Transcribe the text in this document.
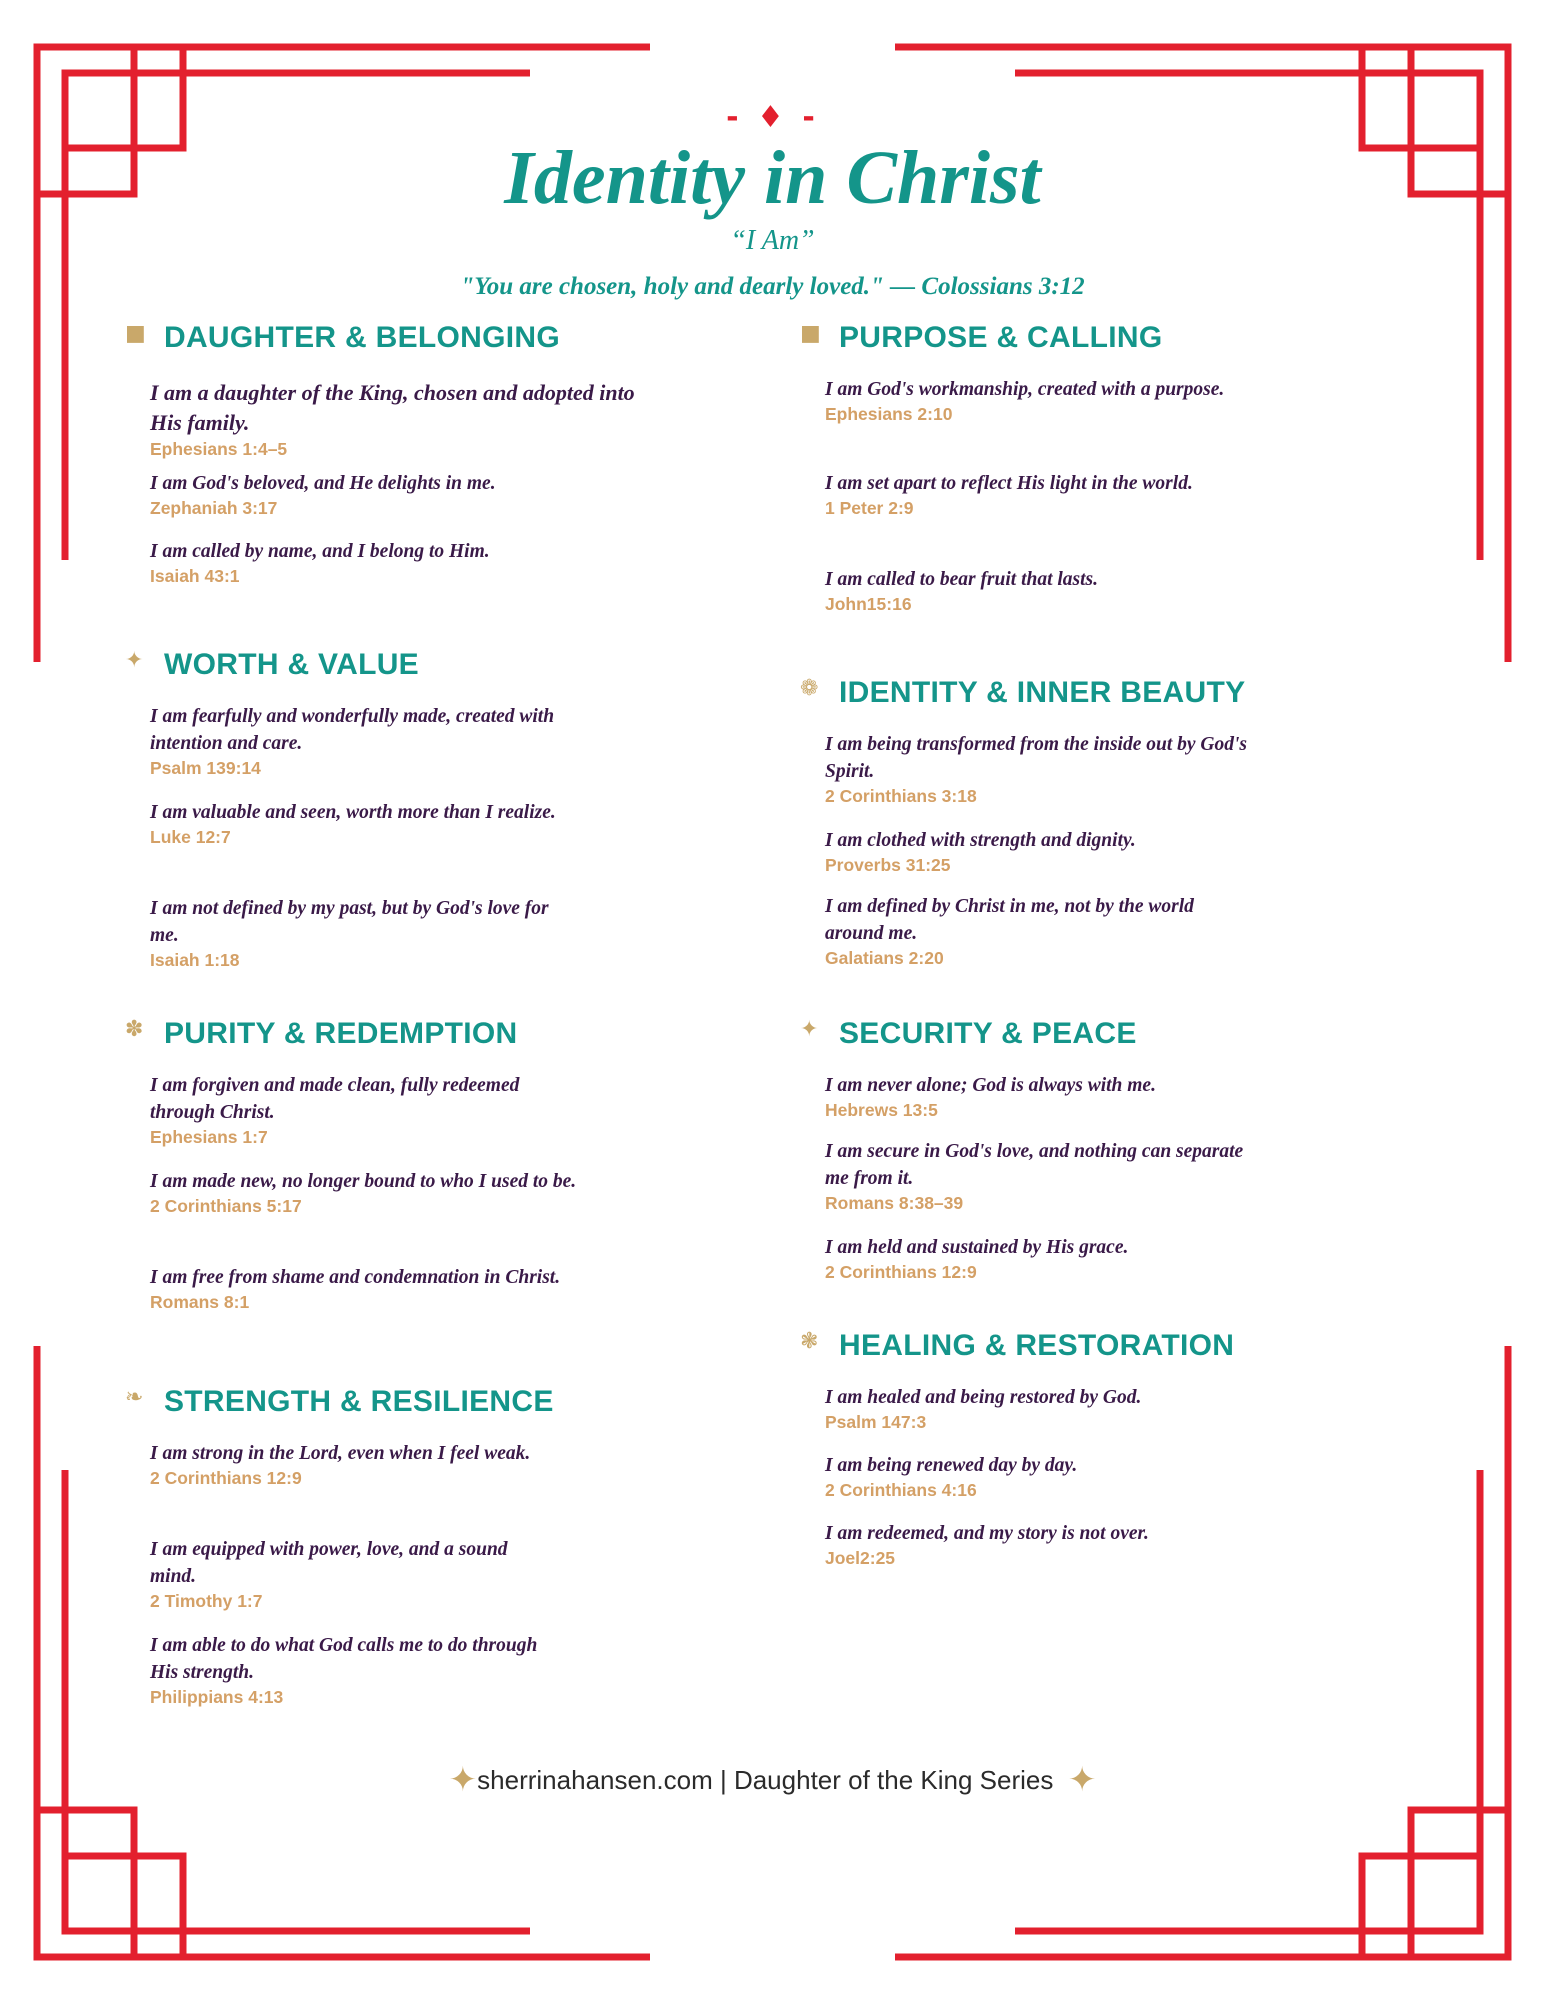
- ♦ -
Identity in Christ
“I Am”
"You are chosen, holy and dearly loved." — Colossians 3:12
■ DAUGHTER & BELONGING
I am a daughter of the King, chosen and adopted into His family.
Ephesians 1:4–5
I am God's beloved, and He delights in me.
Zephaniah 3:17
I am called by name, and I belong to Him.
Isaiah 43:1
✦ WORTH & VALUE
I am fearfully and wonderfully made, created with intention and care.
Psalm 139:14
I am valuable and seen, worth more than I realize.
Luke 12:7
I am not defined by my past, but by God's love for me.
Isaiah 1:18
✽ PURITY & REDEMPTION
I am forgiven and made clean, fully redeemed through Christ.
Ephesians 1:7
I am made new, no longer bound to who I used to be.
2 Corinthians 5:17
I am free from shame and condemnation in Christ.
Romans 8:1
❧ STRENGTH & RESILIENCE
I am strong in the Lord, even when I feel weak.
2 Corinthians 12:9
I am equipped with power, love, and a sound mind.
2 Timothy 1:7
I am able to do what God calls me to do through His strength.
Philippians 4:13
■ PURPOSE & CALLING
I am God's workmanship, created with a purpose.
Ephesians 2:10
I am set apart to reflect His light in the world.
1 Peter 2:9
I am called to bear fruit that lasts.
John15:16
❁ IDENTITY & INNER BEAUTY
I am being transformed from the inside out by God's Spirit.
2 Corinthians 3:18
I am clothed with strength and dignity.
Proverbs 31:25
I am defined by Christ in me, not by the world around me.
Galatians 2:20
✦ SECURITY & PEACE
I am never alone; God is always with me.
Hebrews 13:5
I am secure in God's love, and nothing can separate me from it.
Romans 8:38–39
I am held and sustained by His grace.
2 Corinthians 12:9
❃ HEALING & RESTORATION
I am healed and being restored by God.
Psalm 147:3
I am being renewed day by day.
2 Corinthians 4:16
I am redeemed, and my story is not over.
Joel2:25
✦sherrinahansen.com | Daughter of the King Series ✦
